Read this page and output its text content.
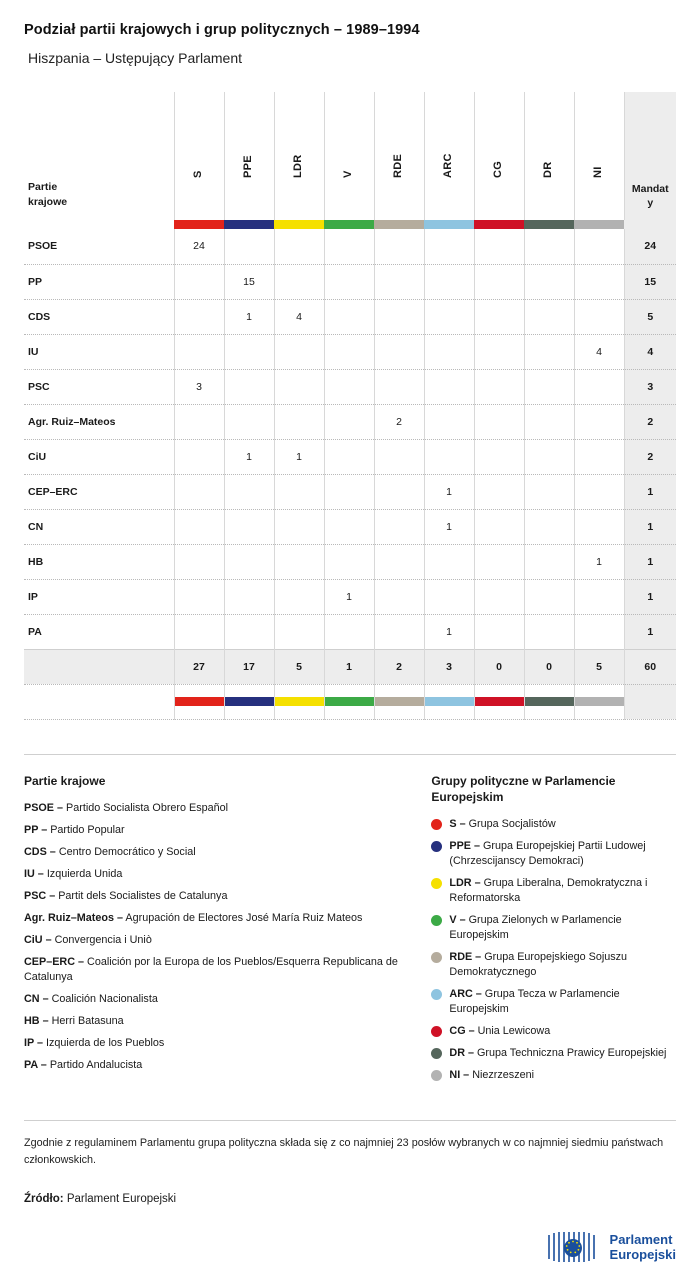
Podział partii krajowych i grup politycznych – 1989–1994
Hiszpania – Ustępujący Parlament
Partie
krajowe

S	PPE	LDR	V	RDE	ARC	CG	DR	NI

Mandat
y

PSOE	24									24
PP		15								15
CDS		1	4							5
IU									4	4
PSC	3									3
Agr. Ruiz–Mateos					2					2
CiU		1	1							2
CEP–ERC						1				1
CN						1				1
HB									1	1
IP				1						1
PA						1				1
	27	17	5	1	2	3	0	0	5	60

Partie krajowe
PSOE – Partido Socialista Obrero Español
PP – Partido Popular
CDS – Centro Democrático y Social
IU – Izquierda Unida
PSC – Partit dels Socialistes de Catalunya
Agr. Ruiz–Mateos – Agrupación de Electores José María Ruiz Mateos
CiU – Convergencia i Uniò
CEP–ERC – Coalición por la Europa de los Pueblos/Esquerra Republicana de Catalunya
CN – Coalición Nacionalista
HB – Herri Batasuna
IP – Izquierda de los Pueblos
PA – Partido Andalucista
Grupy polityczne w Parlamencie Europejskim
S – Grupa Socjalistów
PPE – Grupa Europejskiej Partii Ludowej (Chrzescijanscy Demokraci)
LDR – Grupa Liberalna, Demokratyczna i Reformatorska
V – Grupa Zielonych w Parlamencie Europejskim
RDE – Grupa Europejskiego Sojuszu Demokratycznego
ARC – Grupa Tecza w Parlamencie Europejskim
CG – Unia Lewicowa
DR – Grupa Techniczna Prawicy Europejskiej
NI – Niezrzeszeni
Zgodnie z regulaminem Parlamentu grupa polityczna składa się z co najmniej 23 posłów wybranych w co najmniej siedmiu państwach członkowskich.
Źródło: Parlament Europejski
Parlament
Europejski
